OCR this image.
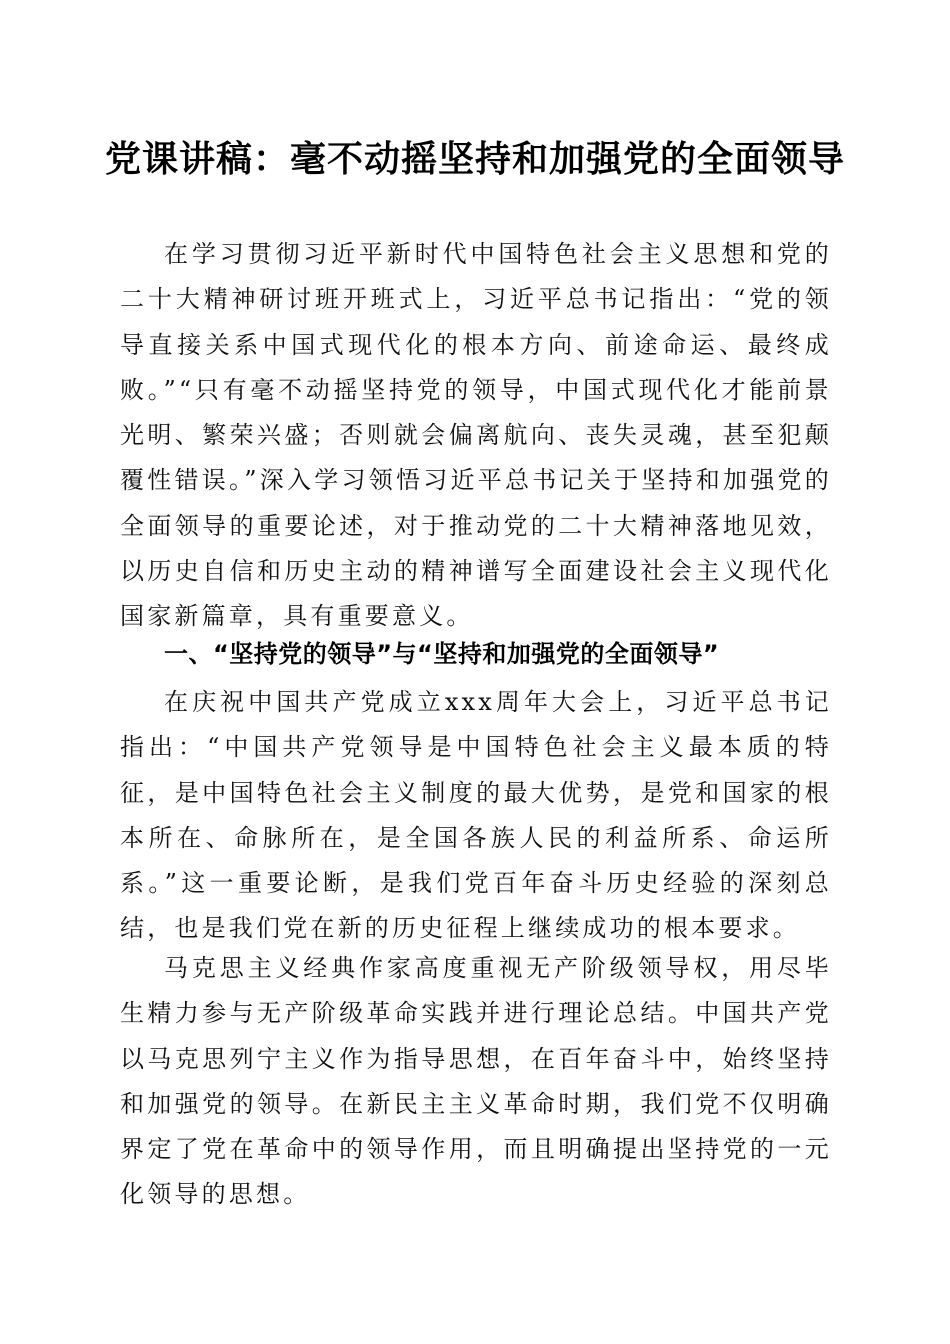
党课讲稿：毫不动摇坚持和加强党的全面领导

在学习贯彻习近平新时代中国特色社会主义思想和党的二十大精神研讨班开班式上，习近平总书记指出：“党的领导直接关系中国式现代化的根本方向、前途命运、最终成败。”“只有毫不动摇坚持党的领导，中国式现代化才能前景光明、繁荣兴盛；否则就会偏离航向、丧失灵魂，甚至犯颠覆性错误。”深入学习领悟习近平总书记关于坚持和加强党的全面领导的重要论述，对于推动党的二十大精神落地见效，以历史自信和历史主动的精神谱写全面建设社会主义现代化国家新篇章，具有重要意义。

一、“坚持党的领导”与“坚持和加强党的全面领导”

在庆祝中国共产党成立xxx周年大会上，习近平总书记指出：“中国共产党领导是中国特色社会主义最本质的特征，是中国特色社会主义制度的最大优势，是党和国家的根本所在、命脉所在，是全国各族人民的利益所系、命运所系。”这一重要论断，是我们党百年奋斗历史经验的深刻总结，也是我们党在新的历史征程上继续成功的根本要求。

马克思主义经典作家高度重视无产阶级领导权，用尽毕生精力参与无产阶级革命实践并进行理论总结。中国共产党以马克思列宁主义作为指导思想，在百年奋斗中，始终坚持和加强党的领导。在新民主主义革命时期，我们党不仅明确界定了党在革命中的领导作用，而且明确提出坚持党的一元化领导的思想。
